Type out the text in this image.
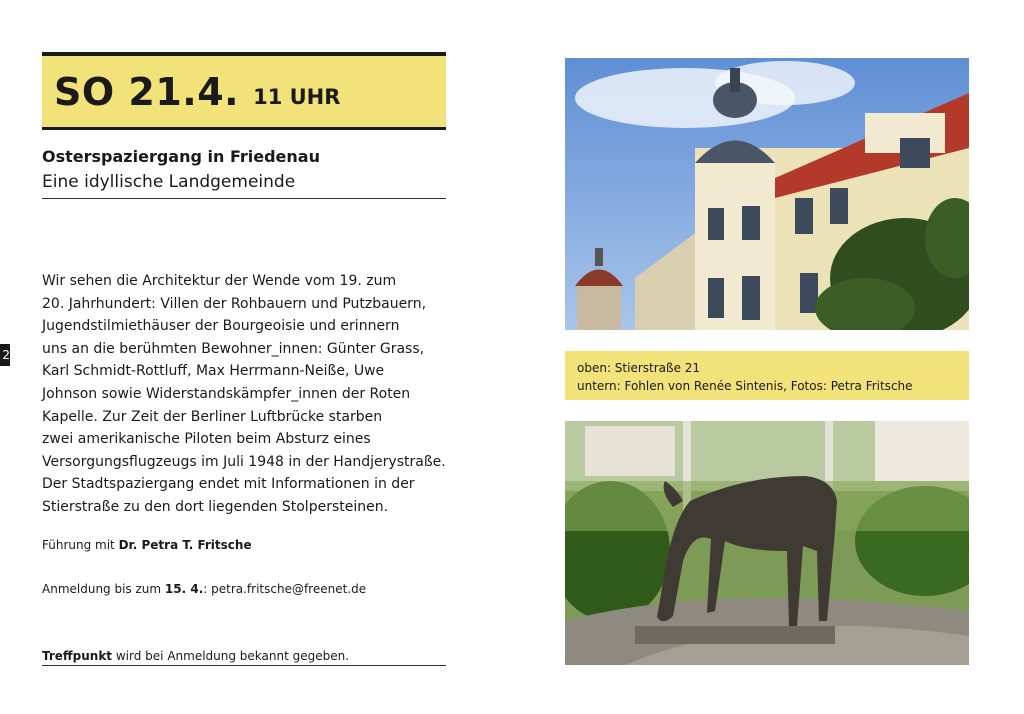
2
SO 21.4. 11 UHR
Osterspaziergang in Friedenau
Eine idyllische Landgemeinde
Wir sehen die Architektur der Wende vom 19. zum
20. Jahrhundert: Villen der Rohbauern und Putzbauern,
Jugendstilmiethäuser der Bourgeoisie und erinnern
uns an die berühmten Bewohner_innen: Günter Grass,
Karl Schmidt-Rottluff, Max Herrmann-Neiße, Uwe
Johnson sowie Widerstandskämpfer_innen der Roten
Kapelle. Zur Zeit der Berliner Luftbrücke starben
zwei amerikanische Piloten beim Absturz eines
Versorgungsflugzeugs im Juli 1948 in der Handjerystraße.
Der Stadtspaziergang endet mit Informationen in der
Stierstraße zu den dort liegenden Stolpersteinen.
Führung mit Dr. Petra T. Fritsche
Anmeldung bis zum 15. 4.: petra.fritsche@freenet.de
Treffpunkt wird bei Anmeldung bekannt gegeben.
oben: Stierstraße 21
untern: Fohlen von Renée Sintenis, Fotos: Petra Fritsche
